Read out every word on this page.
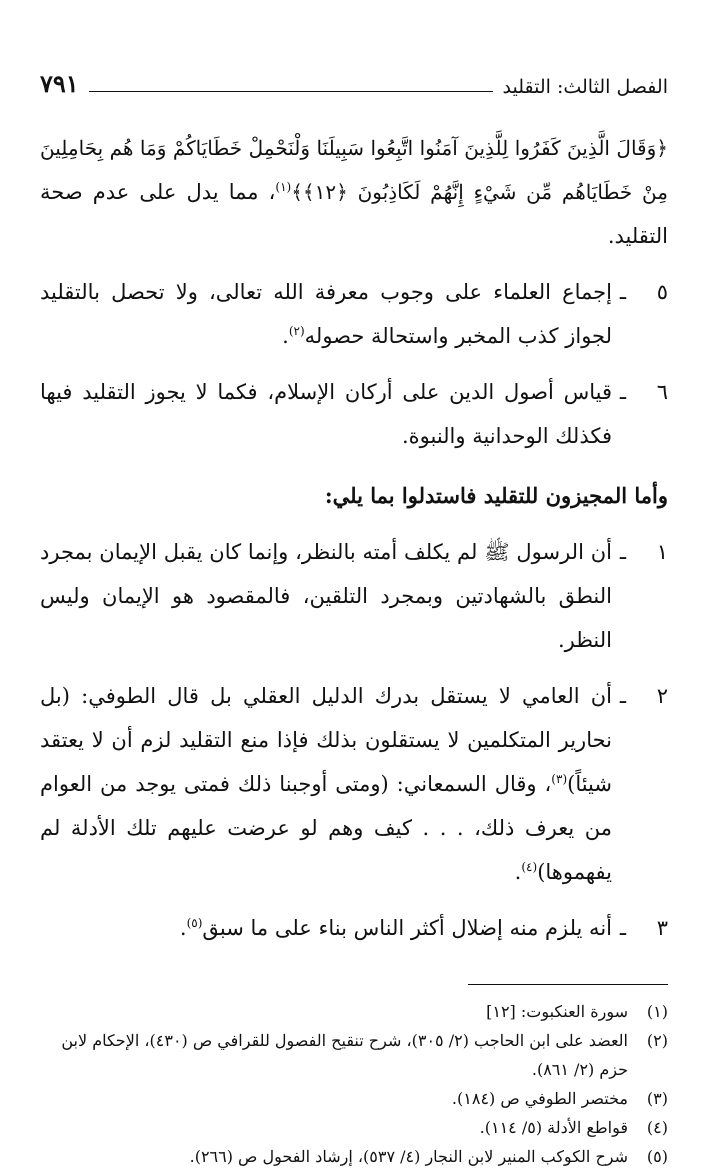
الفصل الثالث: التقليد
٧٩١
﴿وَقَالَ الَّذِينَ كَفَرُوا لِلَّذِينَ آمَنُوا اتَّبِعُوا سَبِيلَنَا وَلْنَحْمِلْ خَطَايَاكُمْ وَمَا هُم بِحَامِلِينَ مِنْ خَطَايَاهُم مِّن شَيْءٍ إِنَّهُمْ لَكَاذِبُونَ ﴿١٢﴾﴾$^{(١)}$، مما يدل على عدم صحة التقليد.
٥
ـ
إجماع العلماء على وجوب معرفة الله تعالى، ولا تحصل بالتقليد لجواز كذب المخبر واستحالة حصوله$^{(٢)}$.
٦
ـ
قياس أصول الدين على أركان الإسلام، فكما لا يجوز التقليد فيها فكذلك الوحدانية والنبوة.
وأما المجيزون للتقليد فاستدلوا بما يلي:
١
ـ
أن الرسول ﷺ لم يكلف أمته بالنظر، وإنما كان يقبل الإيمان بمجرد النطق بالشهادتين وبمجرد التلقين، فالمقصود هو الإيمان وليس النظر.
٢
ـ
أن العامي لا يستقل بدرك الدليل العقلي بل قال الطوفي: (بل نحارير المتكلمين لا يستقلون بذلك فإذا منع التقليد لزم أن لا يعتقد شيئاً)$^{(٣)}$، وقال السمعاني: (ومتى أوجبنا ذلك فمتى يوجد من العوام من يعرف ذلك، . . . كيف وهم لو عرضت عليهم تلك الأدلة لم يفهموها)$^{(٤)}$.
٣
ـ
أنه يلزم منه إضلال أكثر الناس بناء على ما سبق$^{(٥)}$.
(١)
سورة العنكبوت: [١٢]
(٢)
العضد على ابن الحاجب (٢/ ٣٠٥)، شرح تنقيح الفصول للقرافي ص (٤٣٠)، الإحكام لابن حزم (٢/ ٨٦١).
(٣)
مختصر الطوفي ص (١٨٤).
(٤)
قواطع الأدلة (٥/ ١١٤).
(٥)
شرح الكوكب المنير لابن النجار (٤/ ٥٣٧)، إرشاد الفحول ص (٢٦٦).
